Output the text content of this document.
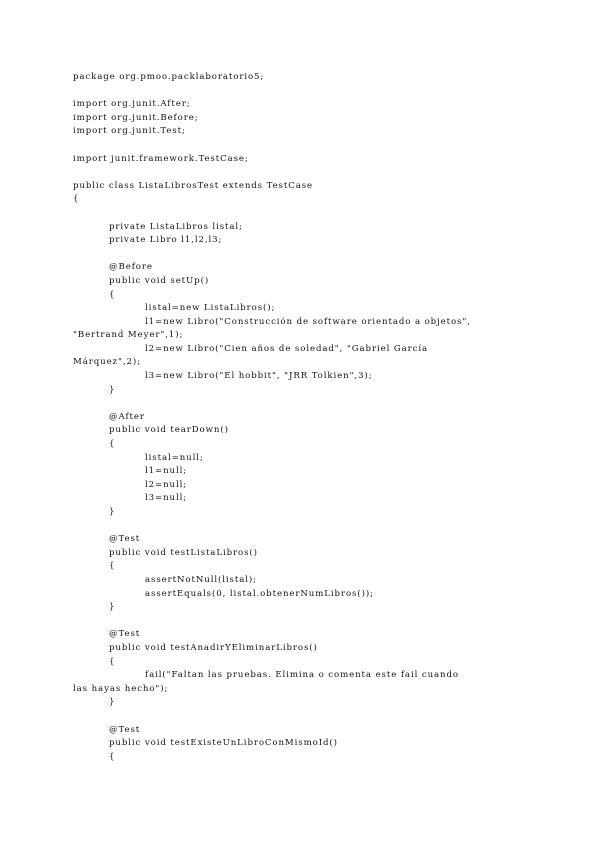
package org.pmoo.packlaboratorio5;
import org.junit.After;
import org.junit.Before;
import org.junit.Test;
import junit.framework.TestCase;
public class ListaLibrosTest extends TestCase
{
private ListaLibros listal;
private Libro l1,l2,l3;
@Before
public void setUp()
{
listal=new ListaLibros();
l1=new Libro("Construcción de software orientado a objetos",
"Bertrand Meyer",1);
l2=new Libro("Cien años de soledad", "Gabriel García
Márquez",2);
l3=new Libro("El hobbit", "JRR Tolkien",3);
}
@After
public void tearDown()
{
listal=null;
l1=null;
l2=null;
l3=null;
}
@Test
public void testListaLibros()
{
assertNotNull(listal);
assertEquals(0, listal.obtenerNumLibros());
}
@Test
public void testAnadirYEliminarLibros()
{
fail("Faltan las pruebas. Elimina o comenta este fail cuando
las hayas hecho");
}
@Test
public void testExisteUnLibroConMismoId()
{
